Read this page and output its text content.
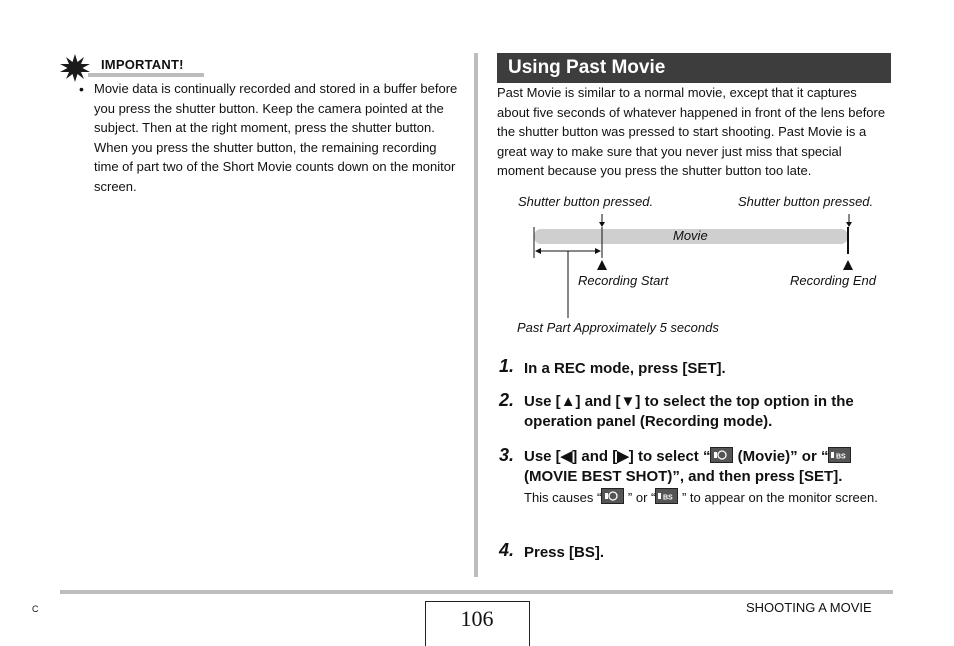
IMPORTANT!
• Movie data is continually recorded and stored in a buffer before you press the shutter button. Keep the camera pointed at the subject. Then at the right moment, press the shutter button. When you press the shutter button, the remaining recording time of part two of the Short Movie counts down on the monitor screen.
Using Past Movie
Past Movie is similar to a normal movie, except that it captures about five seconds of whatever happened in front of the lens before the shutter button was pressed to start shooting. Past Movie is a great way to make sure that you never just miss that special moment because you press the shutter button too late.
Shutter button pressed.	Shutter button pressed.
Movie
Recording Start	Recording End
Past Part Approximately 5 seconds
1. In a REC mode, press [SET].
2. Use [▲] and [▼] to select the top option in the operation panel (Recording mode).
3. Use [◀] and [▶] to select “
(Movie)” or “ BS
(MOVIE BEST SHOT)”, and then press [SET].
This causes “
” or “ BS ” to appear on the monitor screen.
4. Press [BS].
106
C	SHOOTING A MOVIE
